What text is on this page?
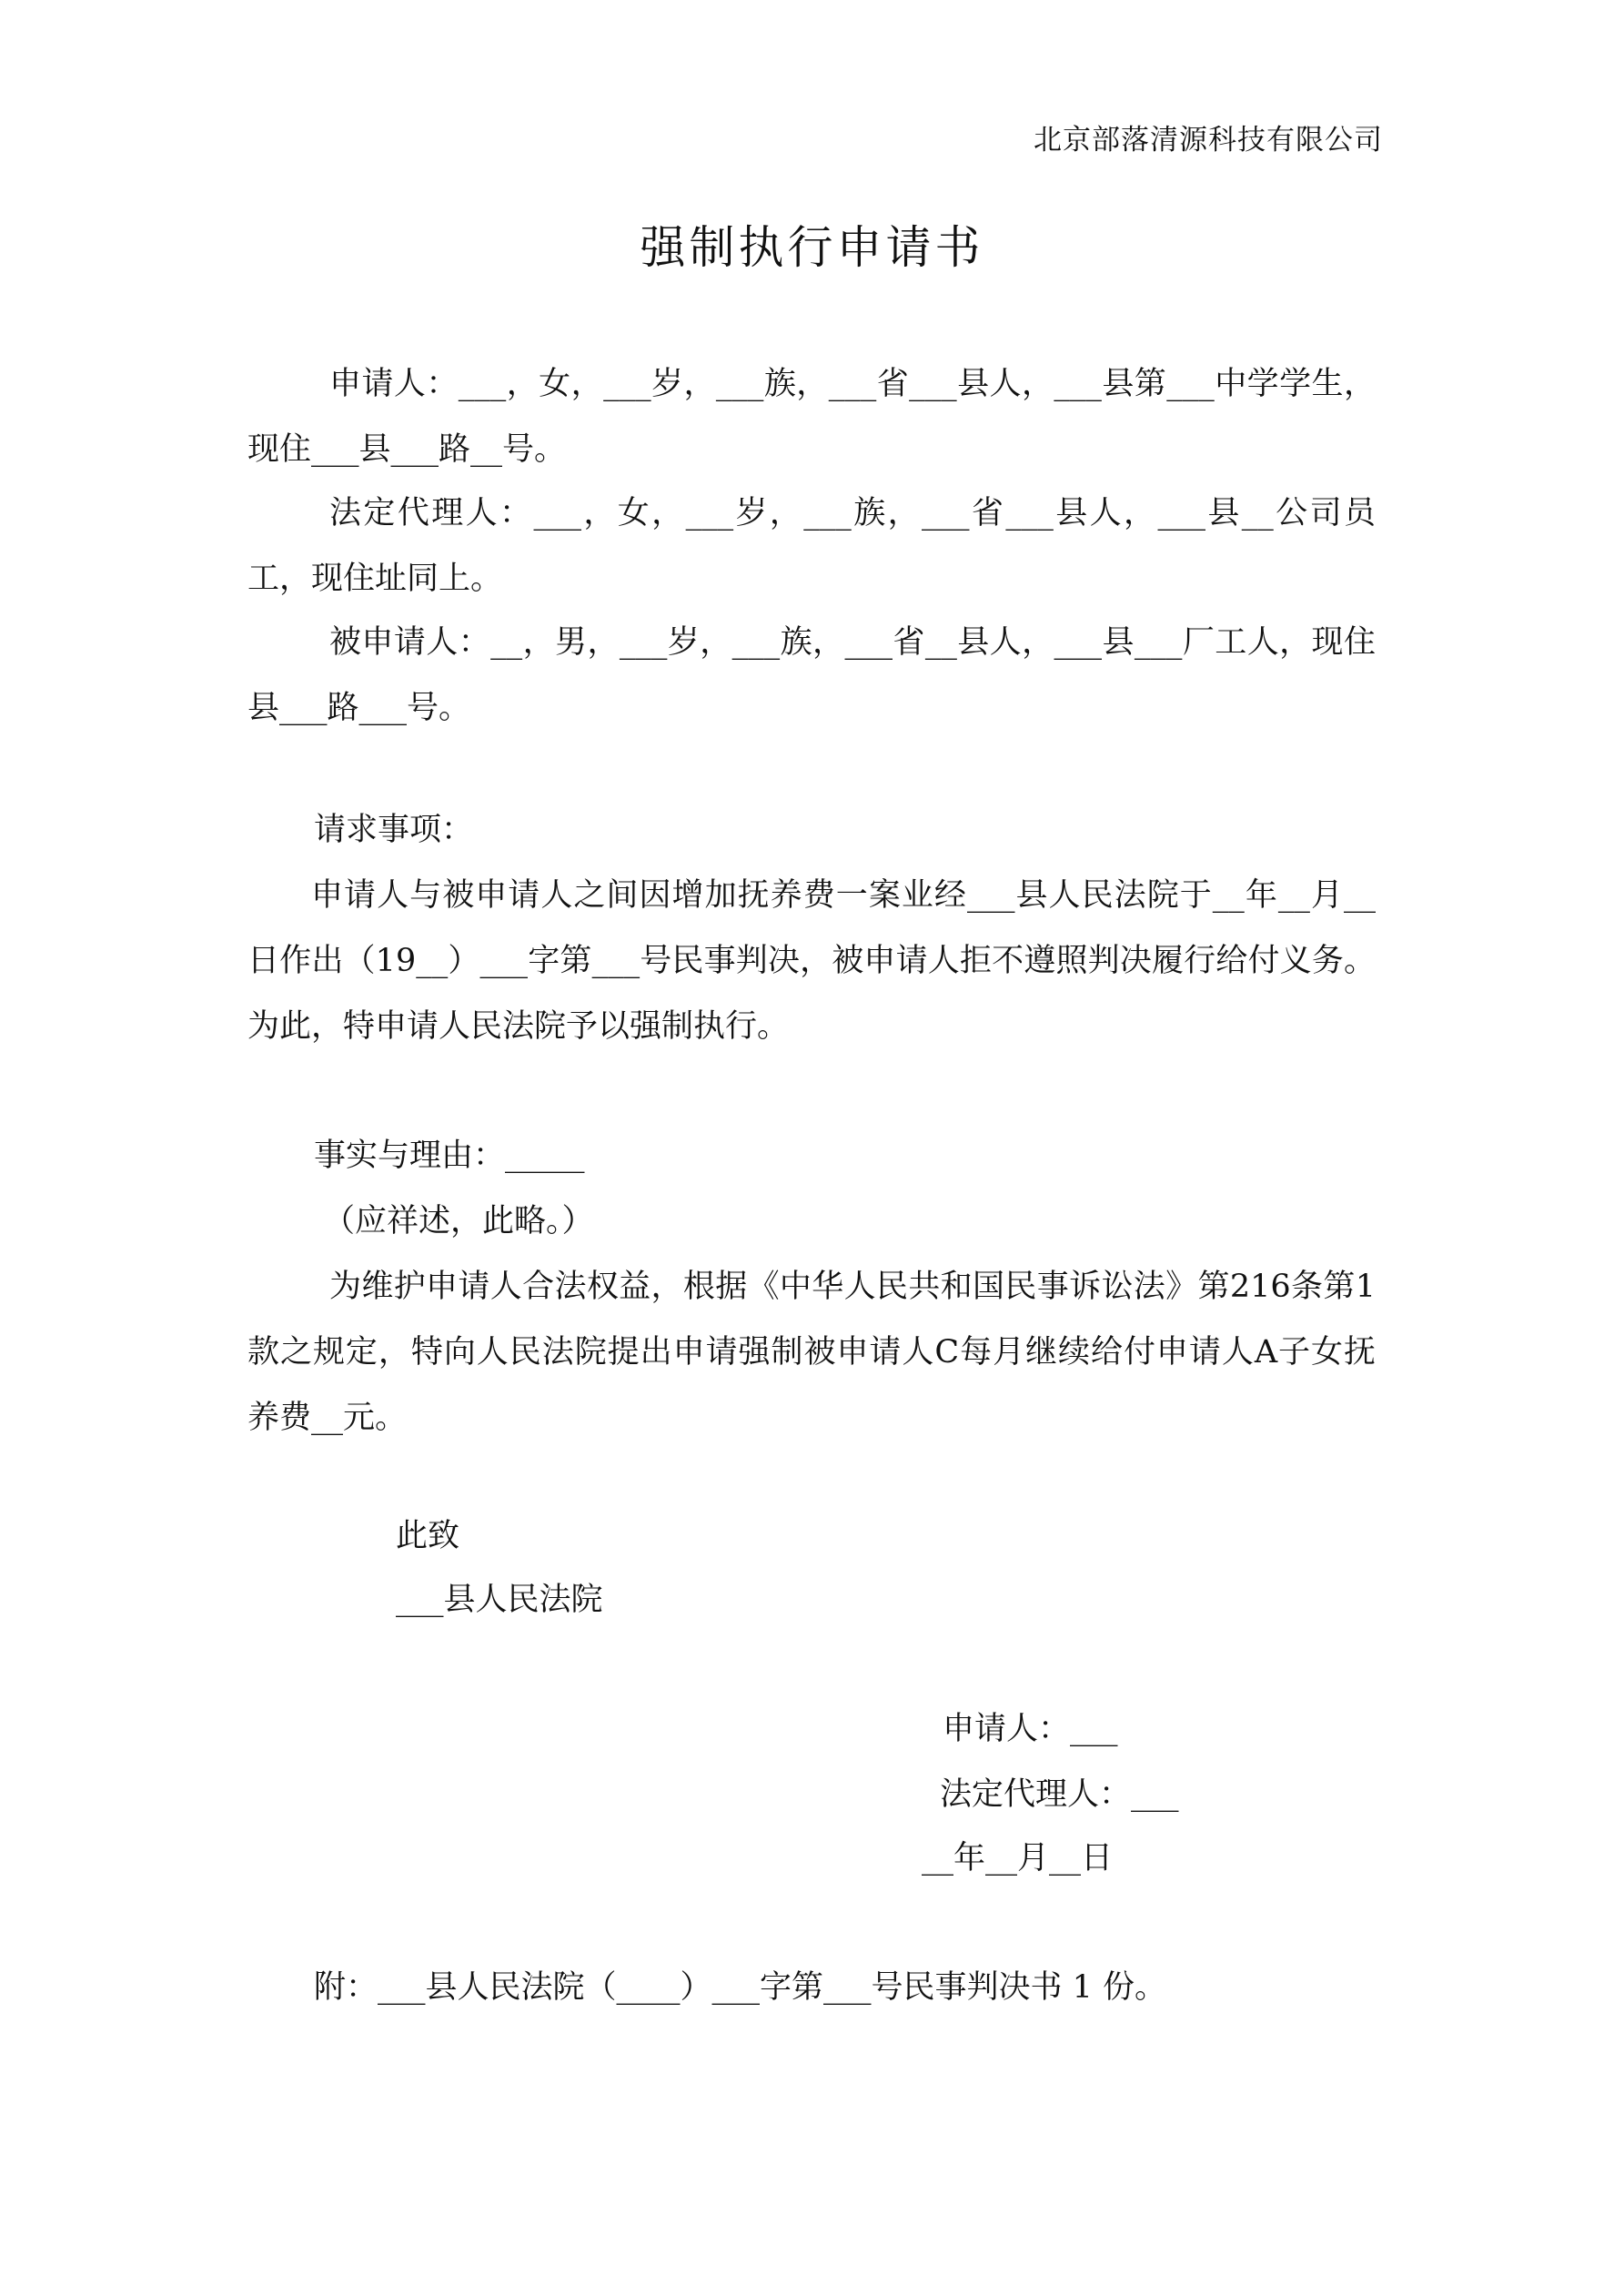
北京部落清源科技有限公司
强制执行申请书
申请人：___，女，___岁，___族，___省___县人，___县第___中学学生，现住___县___路__号。
法定代理人：___，女，___岁，___族，___省___县人，___县__公司员工，现住址同上。
被申请人：__，男，___岁，___族，___省__县人，___县___厂工人，现住县___路___号。
请求事项：
申请人与被申请人之间因增加抚养费一案业经___县人民法院于__年__月__日作出（19__）___字第___号民事判决，被申请人拒不遵照判决履行给付义务。为此，特申请人民法院予以强制执行。
事实与理由：_____
（应祥述，此略。）
为维护申请人合法权益，根据《中华人民共和国民事诉讼法》第216条第1款之规定，特向人民法院提出申请强制被申请人C每月继续给付申请人A子女抚养费__元。
此致
___县人民法院
申请人：___
法定代理人：___
__年__月__日
附：___县人民法院（____）___字第___号民事判决书 1 份。
